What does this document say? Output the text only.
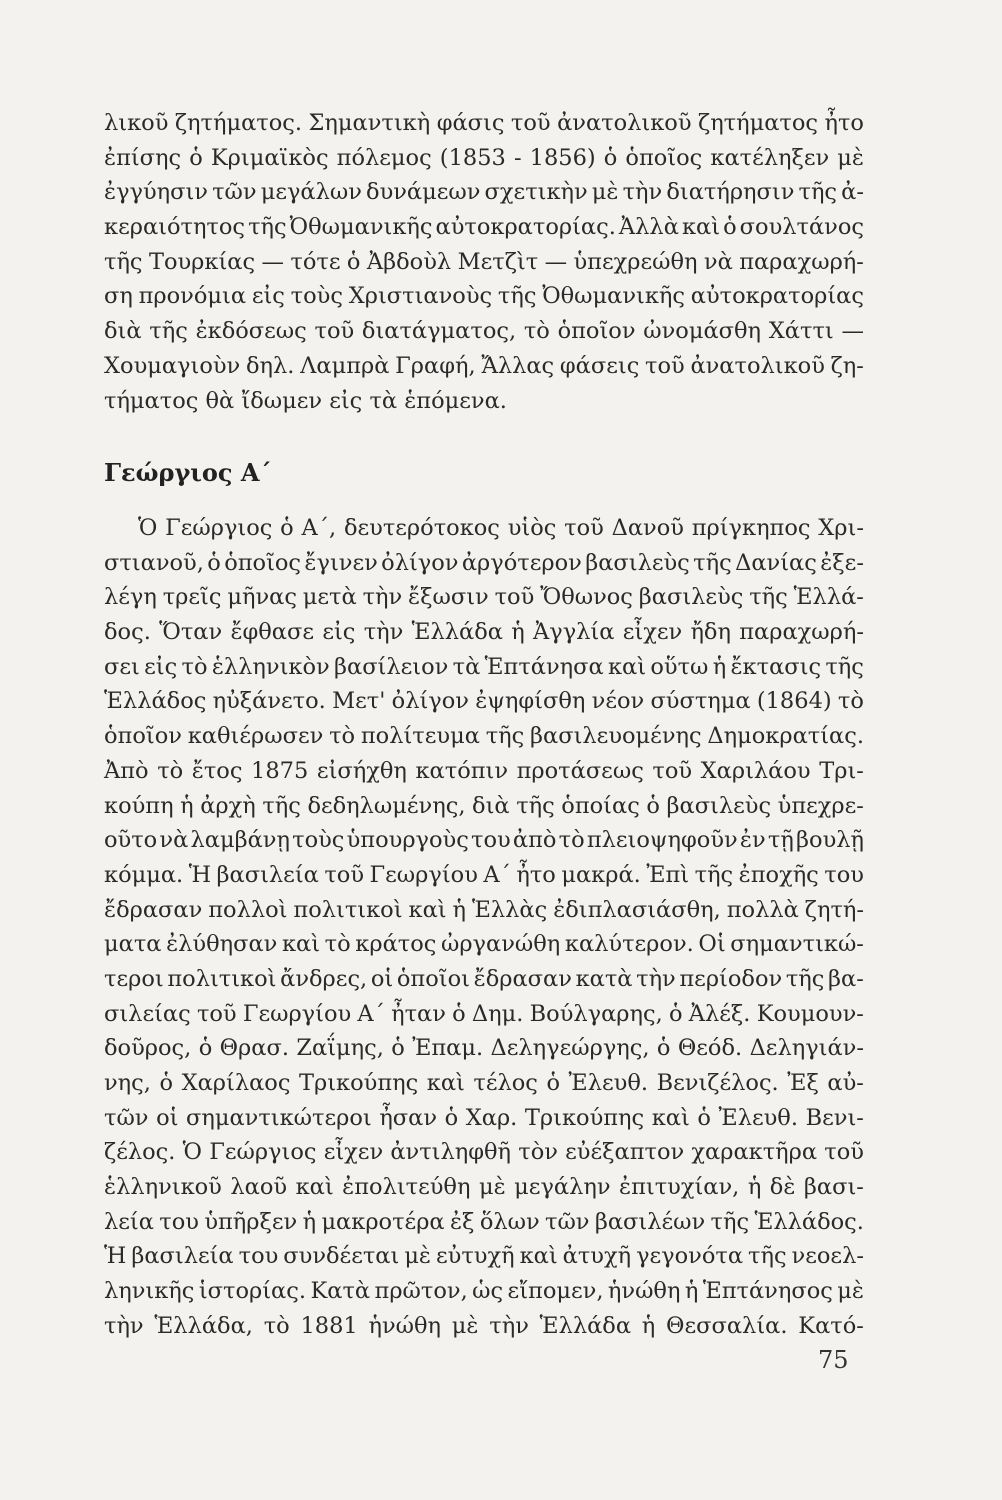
λικοῦ ζητήματος. Σημαντικὴ φάσις τοῦ ἀνατολικοῦ ζητήματος ἦτο
ἐπίσης ὁ Κριμαϊκὸς πόλεμος (1853 - 1856) ὁ ὁποῖος κατέληξεν μὲ
ἐγγύησιν τῶν μεγάλων δυνάμεων σχετικὴν μὲ τὴν διατήρησιν τῆς ἀ-
κεραιότητος τῆς Ὀθωμανικῆς αὐτοκρατορίας. Ἀλλὰ καὶ ὁ σουλτάνος
τῆς Τουρκίας — τότε ὁ Ἀβδοὺλ Μετζὶτ — ὑπεχρεώθη νὰ παραχωρή-
ση προνόμια εἰς τοὺς Χριστιανοὺς τῆς Ὀθωμανικῆς αὐτοκρατορίας
διὰ τῆς ἐκδόσεως τοῦ διατάγματος, τὸ ὁποῖον ὠνομάσθη Χάττι —
Χουμαγιοὺν δηλ. Λαμπρὰ Γραφή, Ἄλλας φάσεις τοῦ ἀνατολικοῦ ζη-
τήματος θὰ ἴδωμεν εἰς τὰ ἑπόμενα.
Γεώργιος Α΄
Ὁ Γεώργιος ὁ Α΄, δευτερότοκος υἱὸς τοῦ Δανοῦ πρίγκηπος Χρι-
στιανοῦ, ὁ ὁποῖος ἔγινεν ὀλίγον ἀργότερον βασιλεὺς τῆς Δανίας ἐξε-
λέγη τρεῖς μῆνας μετὰ τὴν ἔξωσιν τοῦ Ὄθωνος βασιλεὺς τῆς Ἑλλά-
δος. Ὅταν ἔφθασε εἰς τὴν Ἑλλάδα ἡ Ἀγγλία εἶχεν ἤδη παραχωρή-
σει εἰς τὸ ἑλληνικὸν βασίλειον τὰ Ἑπτάνησα καὶ οὕτω ἡ ἔκτασις τῆς
Ἑλλάδος ηὐξάνετο. Μετ' ὀλίγον ἐψηφίσθη νέον σύστημα (1864) τὸ
ὁποῖον καθιέρωσεν τὸ πολίτευμα τῆς βασιλευομένης Δημοκρατίας.
Ἀπὸ τὸ ἔτος 1875 εἰσήχθη κατόπιν προτάσεως τοῦ Χαριλάου Τρι-
κούπη ἡ ἀρχὴ τῆς δεδηλωμένης, διὰ τῆς ὁποίας ὁ βασιλεὺς ὑπεχρε-
οῦτο νὰ λαμβάνῃ τοὺς ὑπουργοὺς του ἀπὸ τὸ πλειοψηφοῦν ἐν τῇ βουλῇ
κόμμα. Ἡ βασιλεία τοῦ Γεωργίου Α΄ ἦτο μακρά. Ἐπὶ τῆς ἐποχῆς του
ἔδρασαν πολλοὶ πολιτικοὶ καὶ ἡ Ἑλλὰς ἐδιπλασιάσθη, πολλὰ ζητή-
ματα ἐλύθησαν καὶ τὸ κράτος ὠργανώθη καλύτερον. Οἱ σημαντικώ-
τεροι πολιτικοὶ ἄνδρες, οἱ ὁποῖοι ἔδρασαν κατὰ τὴν περίοδον τῆς βα-
σιλείας τοῦ Γεωργίου Α΄ ἦταν ὁ Δημ. Βούλγαρης, ὁ Ἀλέξ. Κουμουν-
δοῦρος, ὁ Θρασ. Ζαΐμης, ὁ Ἐπαμ. Δεληγεώργης, ὁ Θεόδ. Δεληγιάν-
νης, ὁ Χαρίλαος Τρικούπης καὶ τέλος ὁ Ἐλευθ. Βενιζέλος. Ἐξ αὐ-
τῶν οἱ σημαντικώτεροι ἦσαν ὁ Χαρ. Τρικούπης καὶ ὁ Ἐλευθ. Βενι-
ζέλος. Ὁ Γεώργιος εἶχεν ἀντιληφθῆ τὸν εὐέξαπτον χαρακτῆρα τοῦ
ἑλληνικοῦ λαοῦ καὶ ἐπολιτεύθη μὲ μεγάλην ἐπιτυχίαν, ἡ δὲ βασι-
λεία του ὑπῆρξεν ἡ μακροτέρα ἐξ ὅλων τῶν βασιλέων τῆς Ἑλλάδος.
Ἡ βασιλεία του συνδέεται μὲ εὐτυχῆ καὶ ἀτυχῆ γεγονότα τῆς νεοελ-
ληνικῆς ἱστορίας. Κατὰ πρῶτον, ὡς εἴπομεν, ἡνώθη ἡ Ἑπτάνησος μὲ
τὴν Ἑλλάδα, τὸ 1881 ἡνώθη μὲ τὴν Ἑλλάδα ἡ Θεσσαλία. Κατό-
75
